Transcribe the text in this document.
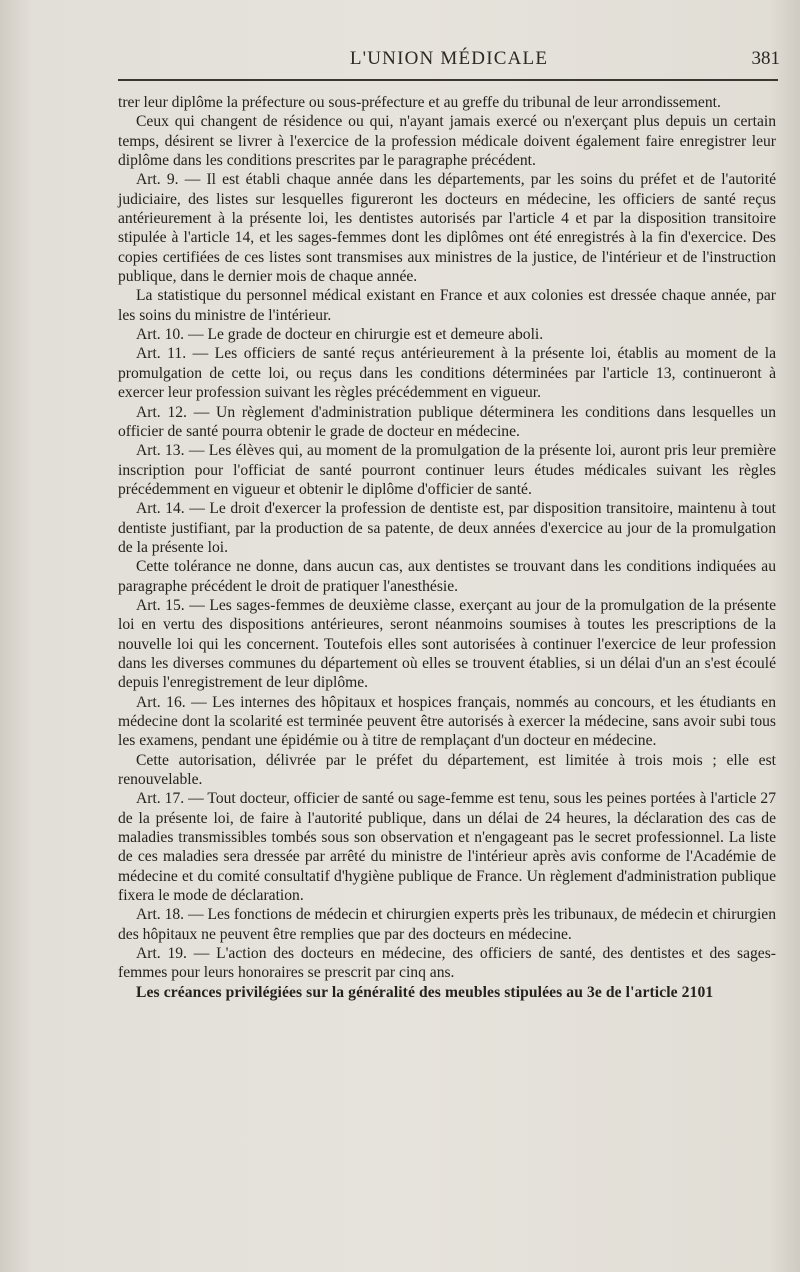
L'UNION MÉDICALE	381

trer leur diplôme la préfecture ou sous-préfecture et au greffe du tribunal de leur arrondissement.

Ceux qui changent de résidence ou qui, n'ayant jamais exercé ou n'exerçant plus depuis un certain temps, désirent se livrer à l'exercice de la profession médicale doivent également faire enregistrer leur diplôme dans les conditions prescrites par le paragraphe précédent.

Art. 9. — Il est établi chaque année dans les départements, par les soins du préfet et de l'autorité judiciaire, des listes sur lesquelles figureront les docteurs en médecine, les officiers de santé reçus antérieurement à la présente loi, les dentistes autorisés par l'article 4 et par la disposition transitoire stipulée à l'article 14, et les sages-femmes dont les diplômes ont été enregistrés à la fin d'exercice. Des copies certifiées de ces listes sont transmises aux ministres de la justice, de l'intérieur et de l'instruction publique, dans le dernier mois de chaque année.

La statistique du personnel médical existant en France et aux colonies est dressée chaque année, par les soins du ministre de l'intérieur.

Art. 10. — Le grade de docteur en chirurgie est et demeure aboli.

Art. 11. — Les officiers de santé reçus antérieurement à la présente loi, établis au moment de la promulgation de cette loi, ou reçus dans les conditions déterminées par l'article 13, continueront à exercer leur profession suivant les règles précédemment en vigueur.

Art. 12. — Un règlement d'administration publique déterminera les conditions dans lesquelles un officier de santé pourra obtenir le grade de docteur en médecine.

Art. 13. — Les élèves qui, au moment de la promulgation de la présente loi, auront pris leur première inscription pour l'officiat de santé pourront continuer leurs études médicales suivant les règles précédemment en vigueur et obtenir le diplôme d'officier de santé.

Art. 14. — Le droit d'exercer la profession de dentiste est, par disposition transitoire, maintenu à tout dentiste justifiant, par la production de sa patente, de deux années d'exercice au jour de la promulgation de la présente loi.

Cette tolérance ne donne, dans aucun cas, aux dentistes se trouvant dans les conditions indiquées au paragraphe précédent le droit de pratiquer l'anesthésie.

Art. 15. — Les sages-femmes de deuxième classe, exerçant au jour de la promulgation de la présente loi en vertu des dispositions antérieures, seront néanmoins soumises à toutes les prescriptions de la nouvelle loi qui les concernent. Toutefois elles sont autorisées à continuer l'exercice de leur profession dans les diverses communes du département où elles se trouvent établies, si un délai d'un an s'est écoulé depuis l'enregistrement de leur diplôme.

Art. 16. — Les internes des hôpitaux et hospices français, nommés au concours, et les étudiants en médecine dont la scolarité est terminée peuvent être autorisés à exercer la médecine, sans avoir subi tous les examens, pendant une épidémie ou à titre de remplaçant d'un docteur en médecine.

Cette autorisation, délivrée par le préfet du département, est limitée à trois mois ; elle est renouvelable.

Art. 17. — Tout docteur, officier de santé ou sage-femme est tenu, sous les peines portées à l'article 27 de la présente loi, de faire à l'autorité publique, dans un délai de 24 heures, la déclaration des cas de maladies transmissibles tombés sous son observation et n'engageant pas le secret professionnel. La liste de ces maladies sera dressée par arrêté du ministre de l'intérieur après avis conforme de l'Académie de médecine et du comité consultatif d'hygiène publique de France. Un règlement d'administration publique fixera le mode de déclaration.

Art. 18. — Les fonctions de médecin et chirurgien experts près les tribunaux, de médecin et chirurgien des hôpitaux ne peuvent être remplies que par des docteurs en médecine.

Art. 19. — L'action des docteurs en médecine, des officiers de santé, des dentistes et des sages-femmes pour leurs honoraires se prescrit par cinq ans.

Les créances privilégiées sur la généralité des meubles stipulées au 3e de l'article 2101
